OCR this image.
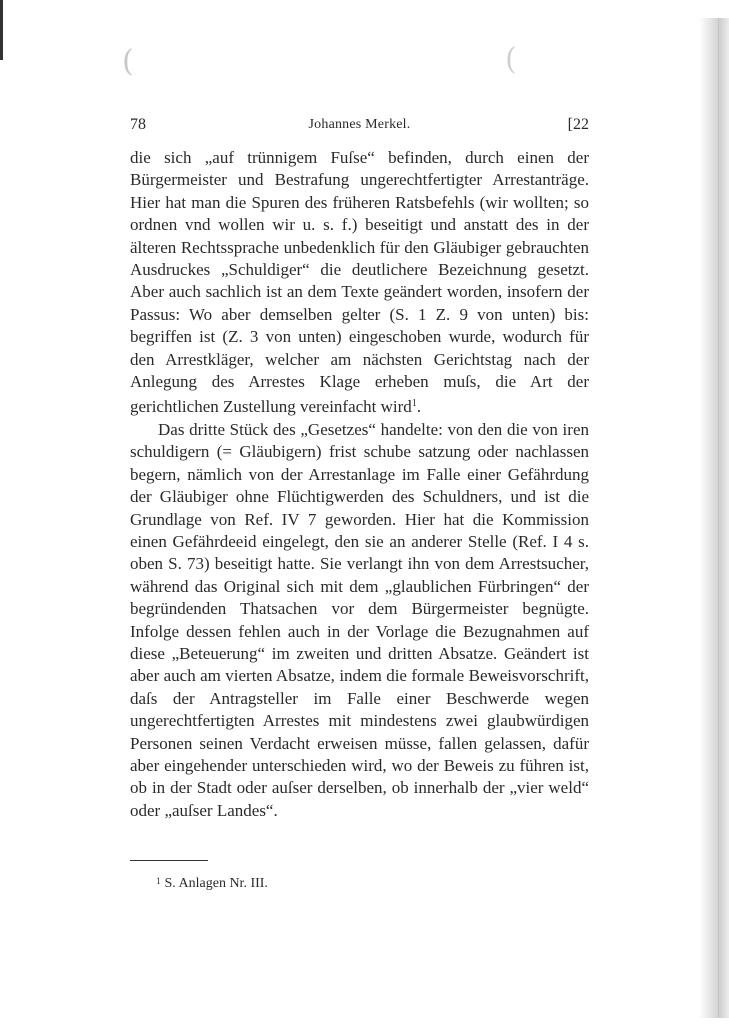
(	(
78	Johannes Merkel.	[22

die sich „auf trünnigem Fuſse“ befinden, durch einen der Bürgermeister und Bestrafung ungerechtfertigter Arrestanträge. Hier hat man die Spuren des früheren Ratsbefehls (wir wollten; so ordnen vnd wollen wir u. s. f.) beseitigt und anstatt des in der älteren Rechtssprache unbedenklich für den Gläubiger gebrauchten Ausdruckes „Schuldiger“ die deutlichere Bezeichnung gesetzt. Aber auch sachlich ist an dem Texte geändert worden, insofern der Passus: Wo aber demselben gelter (S. 1 Z. 9 von unten) bis: begriffen ist (Z. 3 von unten) eingeschoben wurde, wodurch für den Arrestkläger, welcher am nächsten Gerichtstag nach der Anlegung des Arrestes Klage erheben muſs, die Art der gerichtlichen Zustellung vereinfacht wird$^1$.

Das dritte Stück des „Gesetzes“ handelte: von den die von iren schuldigern (= Gläubigern) frist schube satzung oder nachlassen begern, nämlich von der Arrestanlage im Falle einer Gefährdung der Gläubiger ohne Flüchtigwerden des Schuldners, und ist die Grundlage von Ref. IV 7 geworden. Hier hat die Kommission einen Gefährdeeid eingelegt, den sie an anderer Stelle (Ref. I 4 s. oben S. 73) beseitigt hatte. Sie verlangt ihn von dem Arrestsucher, während das Original sich mit dem „glaublichen Fürbringen“ der begründenden Thatsachen vor dem Bürgermeister begnügte. Infolge dessen fehlen auch in der Vorlage die Bezugnahmen auf diese „Beteuerung“ im zweiten und dritten Absatze. Geändert ist aber auch am vierten Absatze, indem die formale Beweisvorschrift, daſs der Antragsteller im Falle einer Beschwerde wegen ungerechtfertigten Arrestes mit mindestens zwei glaubwürdigen Personen seinen Verdacht erweisen müsse, fallen gelassen, dafür aber eingehender unterschieden wird, wo der Beweis zu führen ist, ob in der Stadt oder auſser derselben, ob innerhalb der „vier weld“ oder „auſser Landes“.

$^1$ S. Anlagen Nr. III.
